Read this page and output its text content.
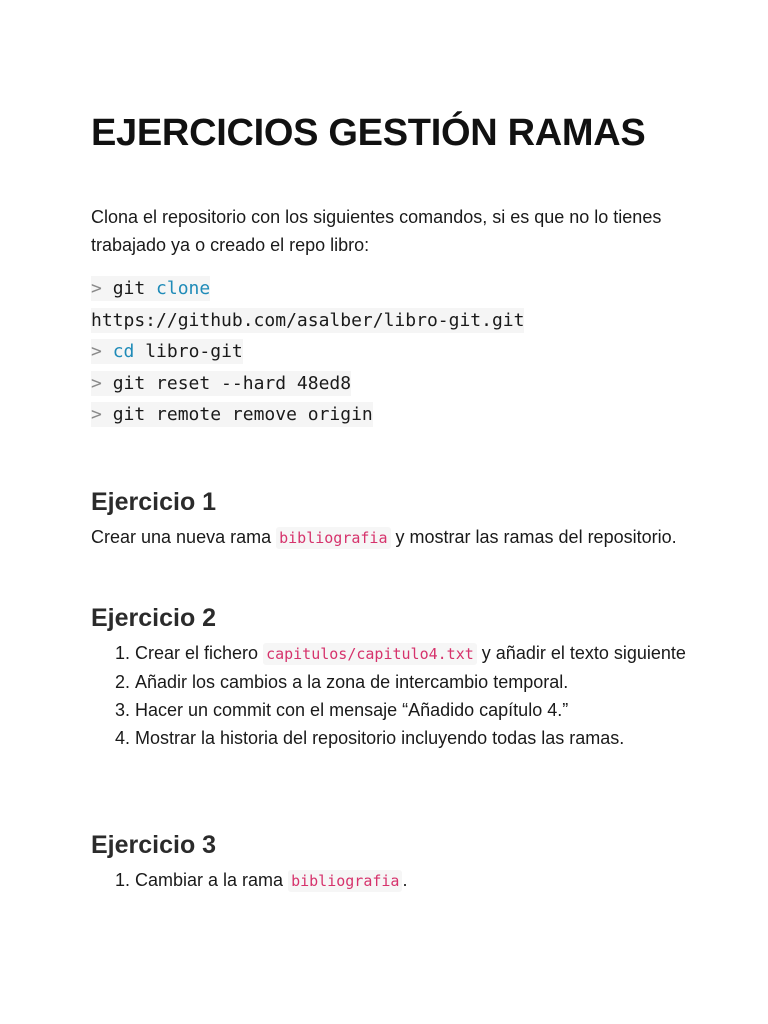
EJERCICIOS GESTIÓN RAMAS

Clona el repositorio con los siguientes comandos, si es que no lo tienes trabajado ya o creado el repo libro:

> git clone
https://github.com/asalber/libro-git.git
> cd libro-git
> git reset --hard 48ed8
> git remote remove origin
Ejercicio 1

Crear una nueva rama bibliografia y mostrar las ramas del repositorio.

Ejercicio 2
1. Crear el fichero capitulos/capitulo4.txt y añadir el texto siguiente
2. Añadir los cambios a la zona de intercambio temporal.
3. Hacer un commit con el mensaje “Añadido capítulo 4.”
4. Mostrar la historia del repositorio incluyendo todas las ramas.
Ejercicio 3
1. Cambiar a la rama bibliografia .
